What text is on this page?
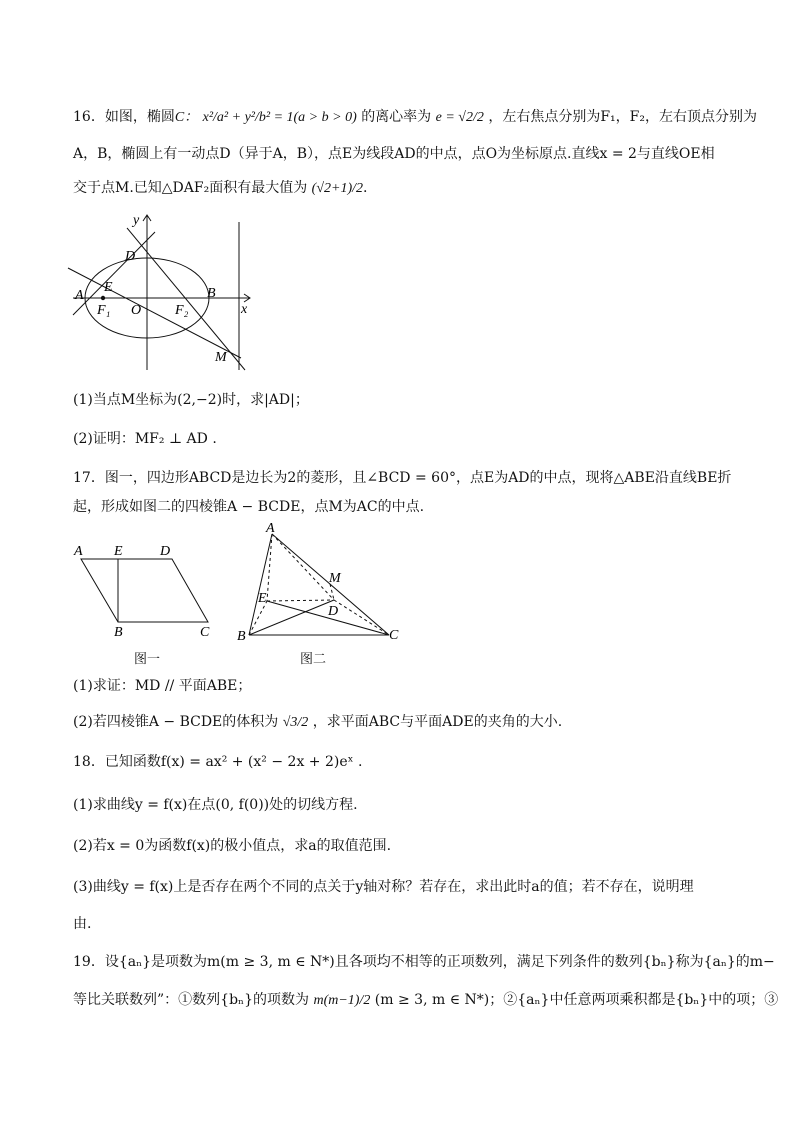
16．如图，椭圆C： x²/a² + y²/b² = 1(a > b > 0) 的离心率为 e = √2/2 ，左右焦点分别为F₁，F₂，左右顶点分别为
A，B，椭圆上有一动点D（异于A，B），点E为线段AD的中点，点O为坐标原点.直线x = 2与直线OE相
交于点M.已知△DAF₂面积有最大值为 (√2+1)/2.
y
D
A
E
F₁ O F₂
B
x
M
(1)当点M坐标为(2,−2)时，求|AD|；
(2)证明：MF₂ ⊥ AD .
17．图一，四边形ABCD是边长为2的菱形，且∠BCD = 60°，点E为AD的中点，现将△ABE沿直线BE折
起，形成如图二的四棱锥A − BCDE，点M为AC的中点.
A E	D
B	C
图一
A
M
E
D
B	C
图二
(1)求证：MD // 平面ABE；
(2)若四棱锥A − BCDE的体积为 √3/2 ，求平面ABC与平面ADE的夹角的大小.
18．已知函数f(x) = ax² + (x² − 2x + 2)eˣ .
(1)求曲线y = f(x)在点(0, f(0))处的切线方程.
(2)若x = 0为函数f(x)的极小值点，求a的取值范围.
(3)曲线y = f(x)上是否存在两个不同的点关于y轴对称？若存在，求出此时a的值；若不存在，说明理
由.
19．设{aₙ}是项数为m(m ≥ 3, m ∈ N*)且各项均不相等的正项数列，满足下列条件的数列{bₙ}称为{aₙ}的m−
等比关联数列”：①数列{bₙ}的项数为 m(m−1)/2 (m ≥ 3, m ∈ N*)；②{aₙ}中任意两项乘积都是{bₙ}中的项；③
